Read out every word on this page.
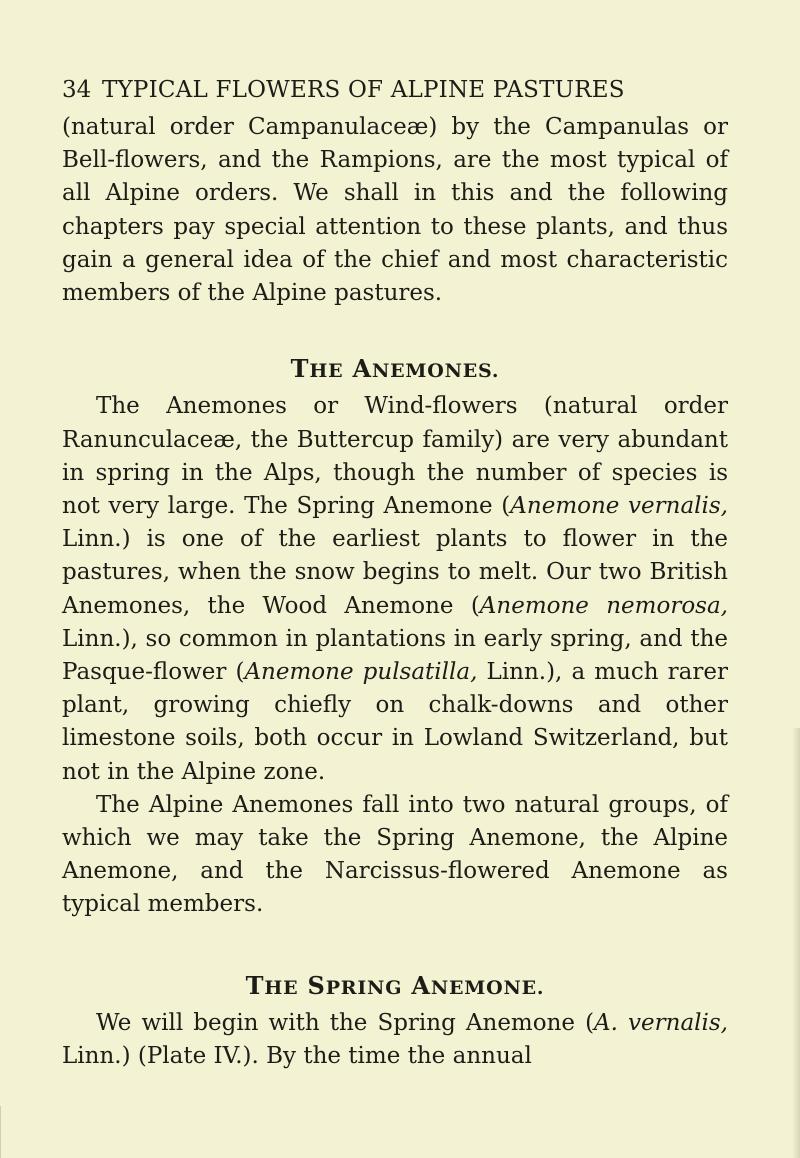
34 TYPICAL FLOWERS OF ALPINE PASTURES

(natural order Campanulaceæ) by the Campanulas or Bell-flowers, and the Rampions, are the most typical of all Alpine orders. We shall in this and the following chapters pay special attention to these plants, and thus gain a general idea of the chief and most characteristic members of the Alpine pastures.

THE ANEMONES.

The Anemones or Wind-flowers (natural order Ranunculaceæ, the Buttercup family) are very abundant in spring in the Alps, though the number of species is not very large. The Spring Anemone (Anemone vernalis, Linn.) is one of the earliest plants to flower in the pastures, when the snow begins to melt. Our two British Anemones, the Wood Anemone (Anemone nemorosa, Linn.), so common in plantations in early spring, and the Pasque-flower (Anemone pulsatilla, Linn.), a much rarer plant, growing chiefly on chalk-downs and other limestone soils, both occur in Lowland Switzerland, but not in the Alpine zone.

The Alpine Anemones fall into two natural groups, of which we may take the Spring Anemone, the Alpine Anemone, and the Narcissus-flowered Anemone as typical members.

THE SPRING ANEMONE.

We will begin with the Spring Anemone (A. vernalis, Linn.) (Plate IV.). By the time the annual
